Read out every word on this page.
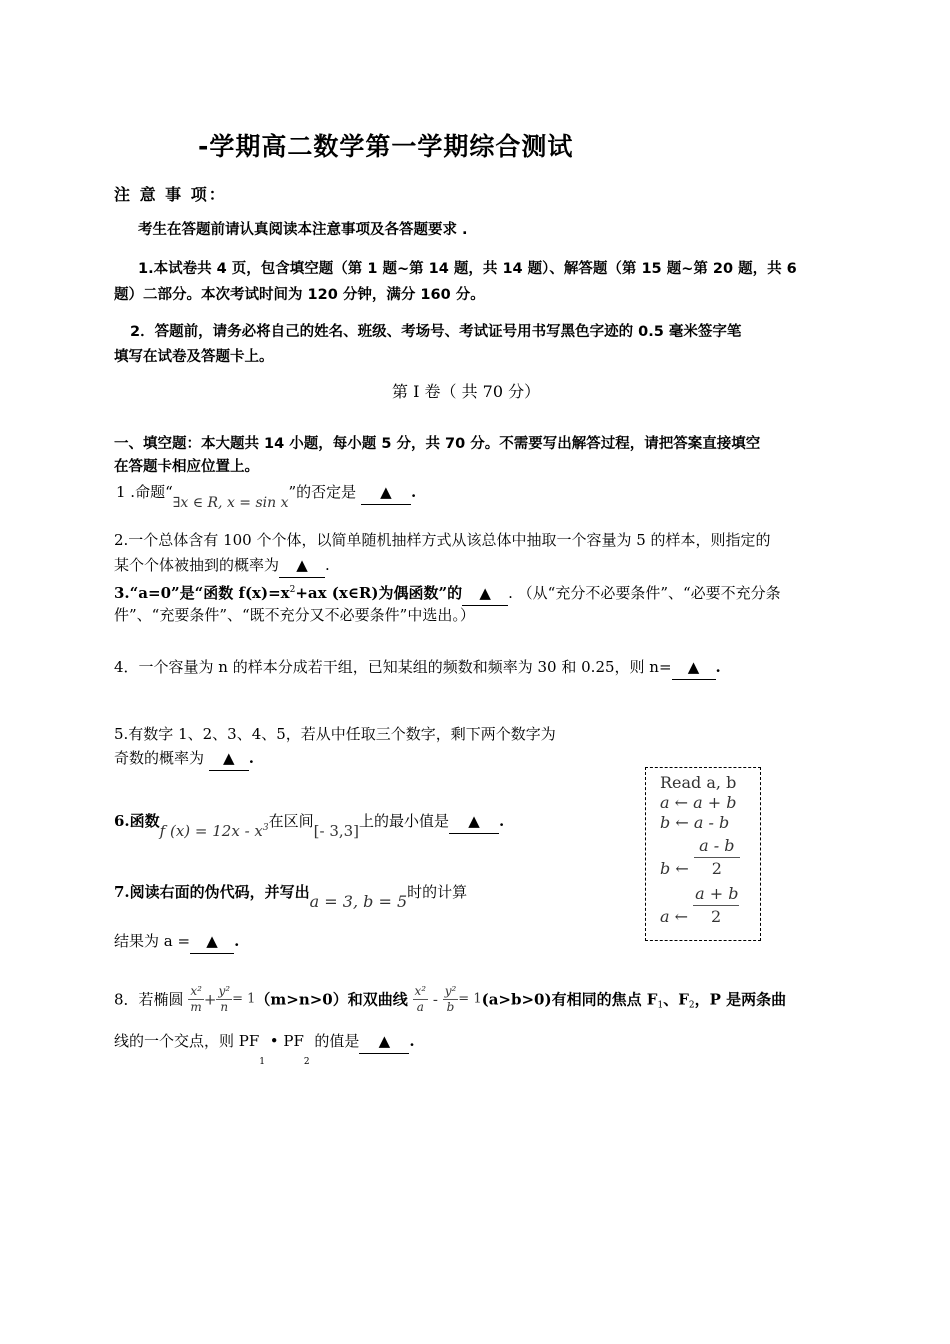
-学期高二数学第一学期综合测试
注 意 事 项：
考生在答题前请认真阅读本注意事项及各答题要求 .
1.本试卷共 4 页，包含填空题（第 1 题~第 14 题，共 14 题）、解答题（第 15 题~第 20 题，共 6
题）二部分。本次考试时间为 120 分钟，满分 160 分。
2．答题前，请务必将自己的姓名、班级、考场号、考试证号用书写黑色字迹的 0.5 毫米签字笔
填写在试卷及答题卡上。
第 I 卷（ 共 70 分）
一、填空题：本大题共 14 小题，每小题 5 分，共 70 分。不需要写出解答过程，请把答案直接填空
在答题卡相应位置上。
1 .命题“∃x ∈ R, x = sin x”的否定是 ▲ .
2.一个总体含有 100 个个体，以简单随机抽样方式从该总体中抽取一个容量为 5 的样本，则指定的
某个个体被抽到的概率为 ▲ .
3.“a=0”是“函数 $f(x)=x^2+ax$ (x∈R)为偶函数”的 ▲ . （从“充分不必要条件”、“必要不充分条
件”、“充要条件”、“既不充分又不必要条件”中选出。）
4．一个容量为 n 的样本分成若干组，已知某组的频数和频率为 30 和 0.25，则 n= ▲ .
5.有数字 1、2、3、4、5，若从中任取三个数字，剩下两个数字为
奇数的概率为 ▲ .
6.函数f $(x) = 12x - x^3$在区间[- 3,3]上的最小值是 ▲ .
7.阅读右面的伪代码，并写出a = 3, b = 5时的计算
结果为 a = ▲ .
Read a, b
a ← a + b
b ← a - b
b ← $\frac{a - b}{2}$
a ← $\frac{a + b}{2}$
8．若椭圆 $\frac{\text{x²}}{m} + \frac{\text{y²}}{n} = 1(m>n>0)$和双曲线 $\frac{\text{x²}}{a} - \frac{\text{y²}}{b} = 1(a>b>0)$有相同的焦点 $F_1$、$F_2$，P 是两条曲
线的一个交点，则 $PF_1$ • $PF_2$ 的值是 ▲ .
